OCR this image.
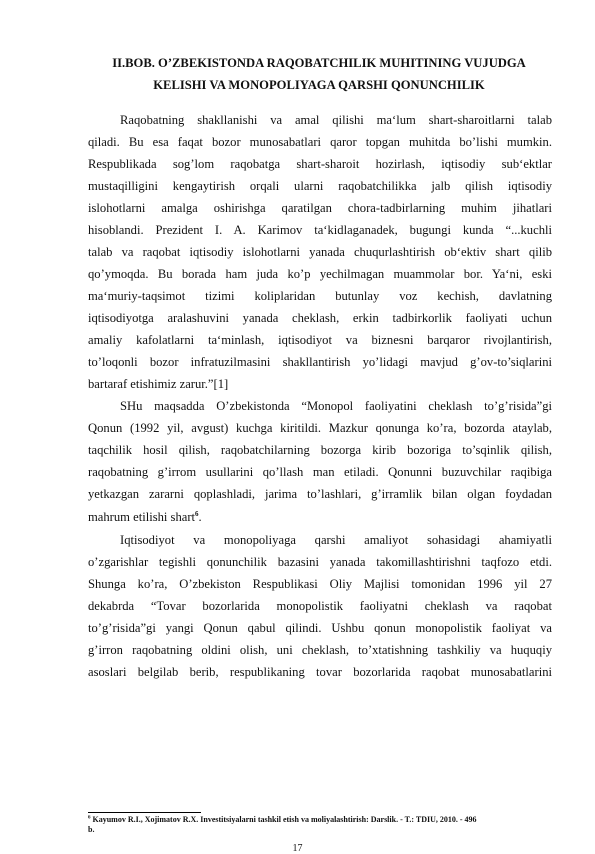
II.BOB. O’ZBEKISTONDA RAQOBATCHILIK MUHITINING VUJUDGA
KELISHI VA MONOPOLIYAGA QARSHI QONUNCHILIK
Raqobatning shakllanishi va amal qilishi ma‘lum shart-sharoitlarni talab
qiladi. Bu esa faqat bozor munosabatlari qaror topgan muhitda bo’lishi mumkin.
Respublikada sog’lom raqobatga shart-sharoit hozirlash, iqtisodiy sub‘ektlar
mustaqilligini kengaytirish orqali ularni raqobatchilikka jalb qilish iqtisodiy
islohotlarni amalga oshirishga qaratilgan chora-tadbirlarning muhim jihatlari
hisoblandi. Prezident I. A. Karimov ta‘kidlaganadek, bugungi kunda “...kuchli
talab va raqobat iqtisodiy islohotlarni yanada chuqurlashtirish ob‘ektiv shart qilib
qo’ymoqda. Bu borada ham juda ko’p yechilmagan muammolar bor. Ya‘ni, eski
ma‘muriy-taqsimot tizimi koliplaridan butunlay voz kechish, davlatning
iqtisodiyotga aralashuvini yanada cheklash, erkin tadbirkorlik faoliyati uchun
amaliy kafolatlarni ta‘minlash, iqtisodiyot va biznesni barqaror rivojlantirish,
to’loqonli bozor infratuzilmasini shakllantirish yo’lidagi mavjud g’ov-to’siqlarini
bartaraf etishimiz zarur.”[1]
SHu maqsadda O’zbekistonda “Monopol faoliyatini cheklash to’g’risida”gi
Qonun (1992 yil, avgust) kuchga kiritildi. Mazkur qonunga ko’ra, bozorda ataylab,
taqchilik hosil qilish, raqobatchilarning bozorga kirib bozoriga to’sqinlik qilish,
raqobatning g’irrom usullarini qo’llash man etiladi. Qonunni buzuvchilar raqibiga
yetkazgan zararni qoplashladi, jarima to’lashlari, g’irramlik bilan olgan foydadan
mahrum etilishi shart$^6$.
Iqtisodiyot va monopoliyaga qarshi amaliyot sohasidagi ahamiyatli
o’zgarishlar tegishli qonunchilik bazasini yanada takomillashtirishni taqfozo etdi.
Shunga ko’ra, O’zbekiston Respublikasi Oliy Majlisi tomonidan 1996 yil 27
dekabrda “Tovar bozorlarida monopolistik faoliyatni cheklash va raqobat
to’g’risida”gi yangi Qonun qabul qilindi. Ushbu qonun monopolistik faoliyat va
g’irron raqobatning oldini olish, uni cheklash, to’xtatishning tashkiliy va huquqiy
asoslari belgilab berib, respublikaning tovar bozorlarida raqobat munosabatlarini
$^6$ Kayumov R.I., Xojimatov R.X. Investitsiyalarni tashkil etish va moliyalashtirish: Darslik. - T.: TDIU, 2010. - 496
b.
17
